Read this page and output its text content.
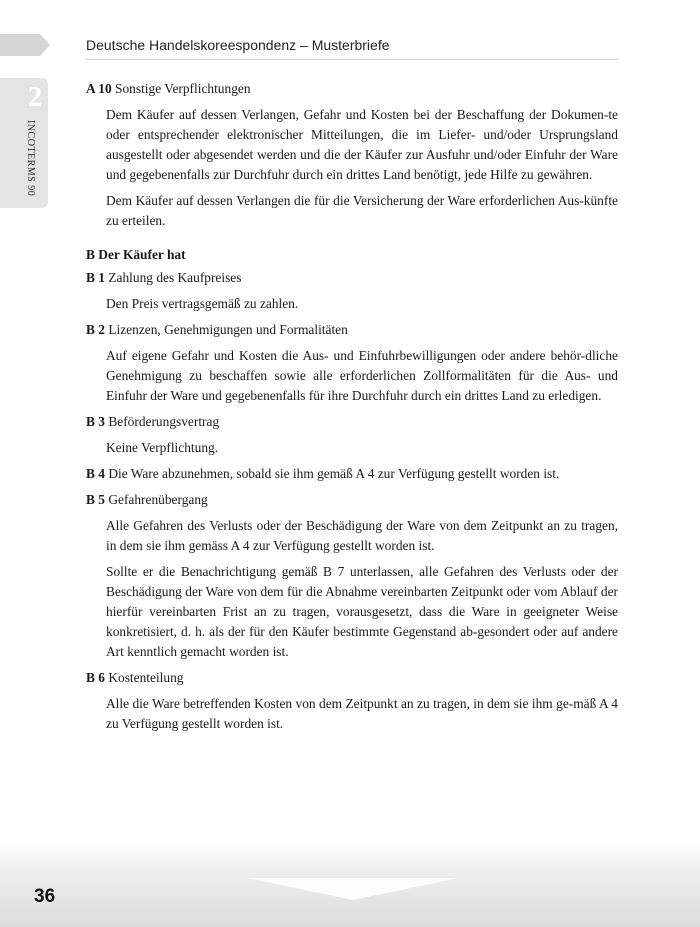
Deutsche Handelskoreespondenz – Musterbriefe
2
INCOTERMS 90
A 10 Sonstige Verpflichtungen
Dem Käufer auf dessen Verlangen, Gefahr und Kosten bei der Beschaffung der Dokumen-te oder entsprechender elektronischer Mitteilungen, die im Liefer- und/oder Ursprungsland ausgestellt oder abgesendet werden und die der Käufer zur Ausfuhr und/oder Einfuhr der Ware und gegebenenfalls zur Durchfuhr durch ein drittes Land benötigt, jede Hilfe zu gewähren.
Dem Käufer auf dessen Verlangen die für die Versicherung der Ware erforderlichen Aus-künfte zu erteilen.
B Der Käufer hat
B 1 Zahlung des Kaufpreises
Den Preis vertragsgemäß zu zahlen.
B 2 Lizenzen, Genehmigungen und Formalitäten
Auf eigene Gefahr und Kosten die Aus- und Einfuhrbewilligungen oder andere behör-dliche Genehmigung zu beschaffen sowie alle erforderlichen Zollformalitäten für die Aus- und Einfuhr der Ware und gegebenenfalls für ihre Durchfuhr durch ein drittes Land zu erledigen.
B 3 Beförderungsvertrag
Keine Verpflichtung.
B 4 Die Ware abzunehmen, sobald sie ihm gemäß A 4 zur Verfügung gestellt worden ist.
B 5 Gefahrenübergang
Alle Gefahren des Verlusts oder der Beschädigung der Ware von dem Zeitpunkt an zu tragen, in dem sie ihm gemäss A 4 zur Verfügung gestellt worden ist.
Sollte er die Benachrichtigung gemäß B 7 unterlassen, alle Gefahren des Verlusts oder der Beschädigung der Ware von dem für die Abnahme vereinbarten Zeitpunkt oder vom Ablauf der hierfür vereinbarten Frist an zu tragen, vorausgesetzt, dass die Ware in geeigneter Weise konkretisiert, d. h. als der für den Käufer bestimmte Gegenstand ab-gesondert oder auf andere Art kenntlich gemacht worden ist.
B 6 Kostenteilung
Alle die Ware betreffenden Kosten von dem Zeitpunkt an zu tragen, in dem sie ihm ge-mäß A 4 zu Verfügung gestellt worden ist.
36
